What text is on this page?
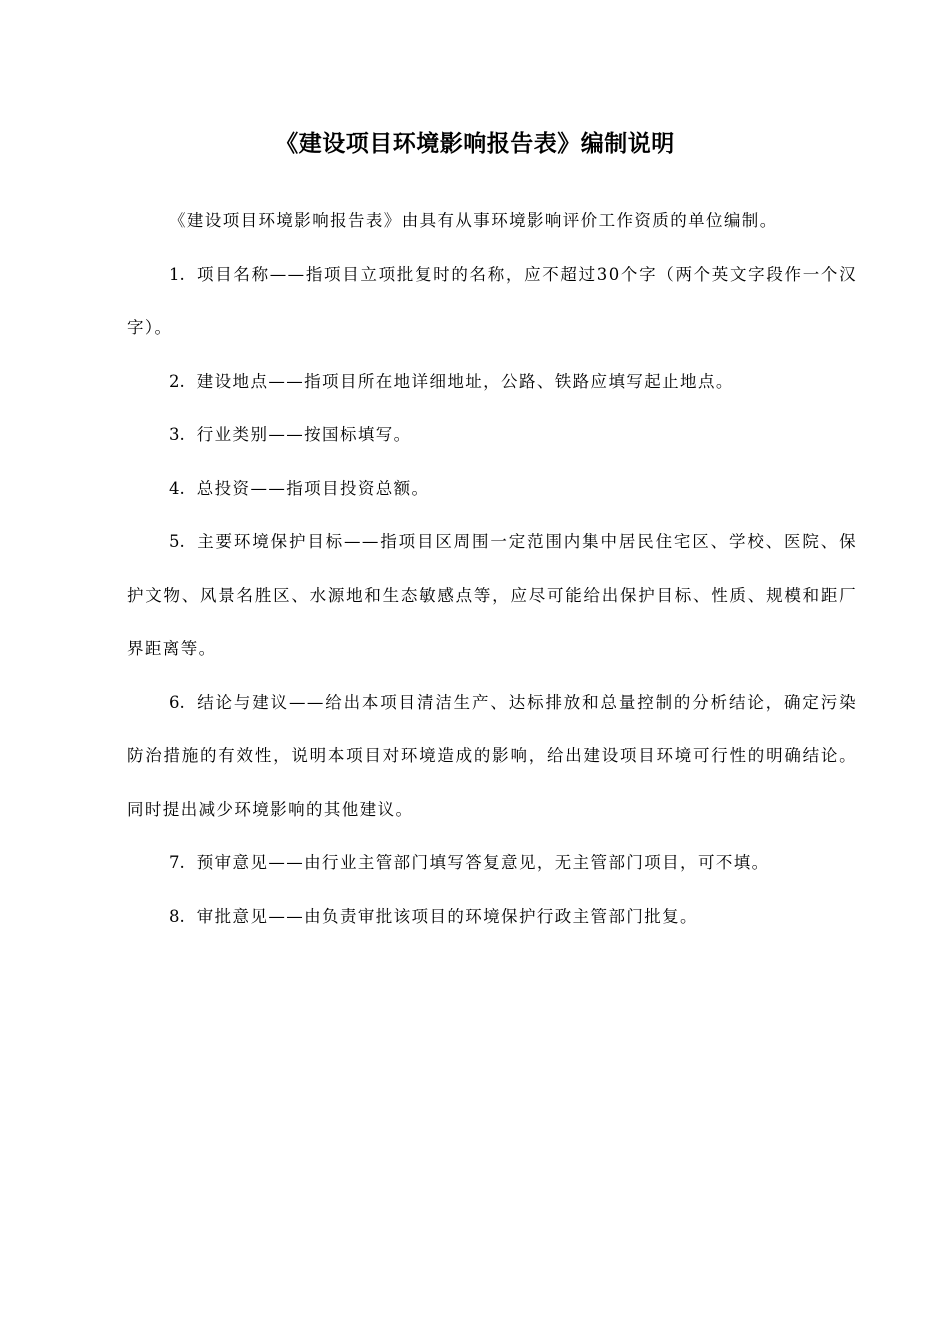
《建设项目环境影响报告表》编制说明

《建设项目环境影响报告表》由具有从事环境影响评价工作资质的单位编制。

1. 项目名称——指项目立项批复时的名称，应不超过30个字（两个英文字段作一个汉字）。

2. 建设地点——指项目所在地详细地址，公路、铁路应填写起止地点。

3. 行业类别——按国标填写。

4. 总投资——指项目投资总额。

5. 主要环境保护目标——指项目区周围一定范围内集中居民住宅区、学校、医院、保护文物、风景名胜区、水源地和生态敏感点等，应尽可能给出保护目标、性质、规模和距厂界距离等。

6. 结论与建议——给出本项目清洁生产、达标排放和总量控制的分析结论，确定污染防治措施的有效性，说明本项目对环境造成的影响，给出建设项目环境可行性的明确结论。同时提出减少环境影响的其他建议。

7. 预审意见——由行业主管部门填写答复意见，无主管部门项目，可不填。

8. 审批意见——由负责审批该项目的环境保护行政主管部门批复。
